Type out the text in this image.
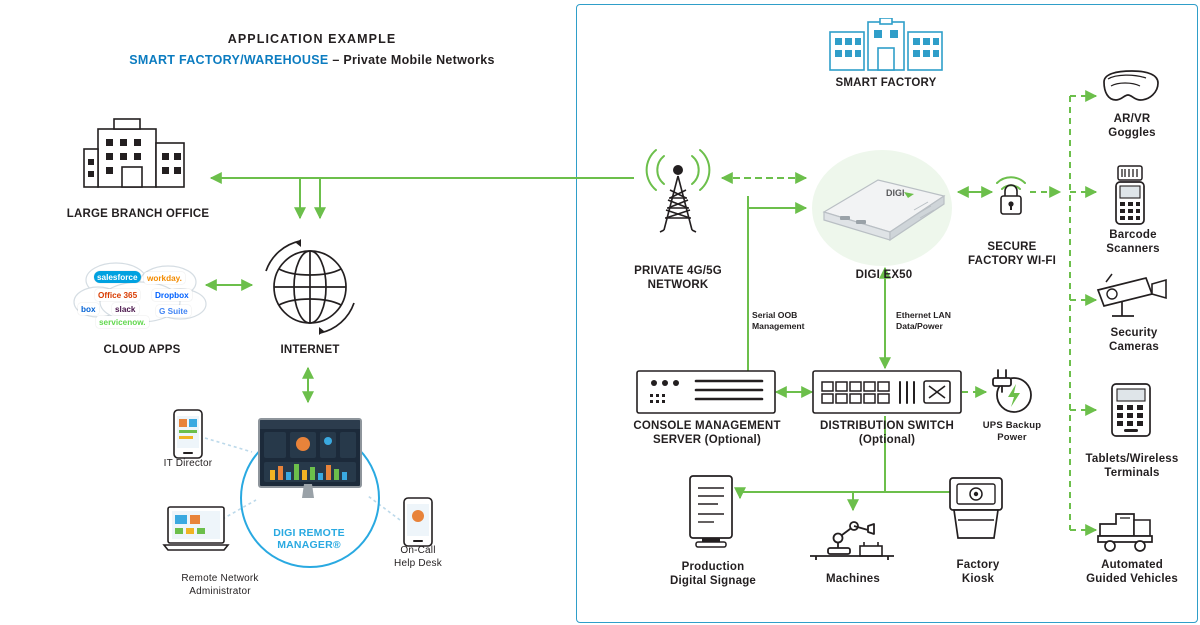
APPLICATION EXAMPLE
SMART FACTORY/WAREHOUSE – Private Mobile Networks
LARGE BRANCH OFFICE
salesforce	workday.
Office 365	Dropbox
box	slack
servicenow.
G Suite
CLOUD APPS	INTERNET
DIGI REMOTE
MANAGER®
IT Director
Remote Network
Administrator
On-Call
Help Desk
SMART FACTORY
PRIVATE 4G/5G
NETWORK
DIGI
DIGI EX50
SECURE
FACTORY WI-FI
Serial OOB
Management
Ethernet LAN
Data/Power
CONSOLE MANAGEMENT
SERVER (Optional)
DISTRIBUTION SWITCH
(Optional)
UPS Backup
Power
Production
Digital Signage	Machines
Factory
Kiosk
AR/VR
Goggles
Barcode
Scanners
Security
Cameras
Tablets/Wireless
Terminals
Automated
Guided Vehicles
